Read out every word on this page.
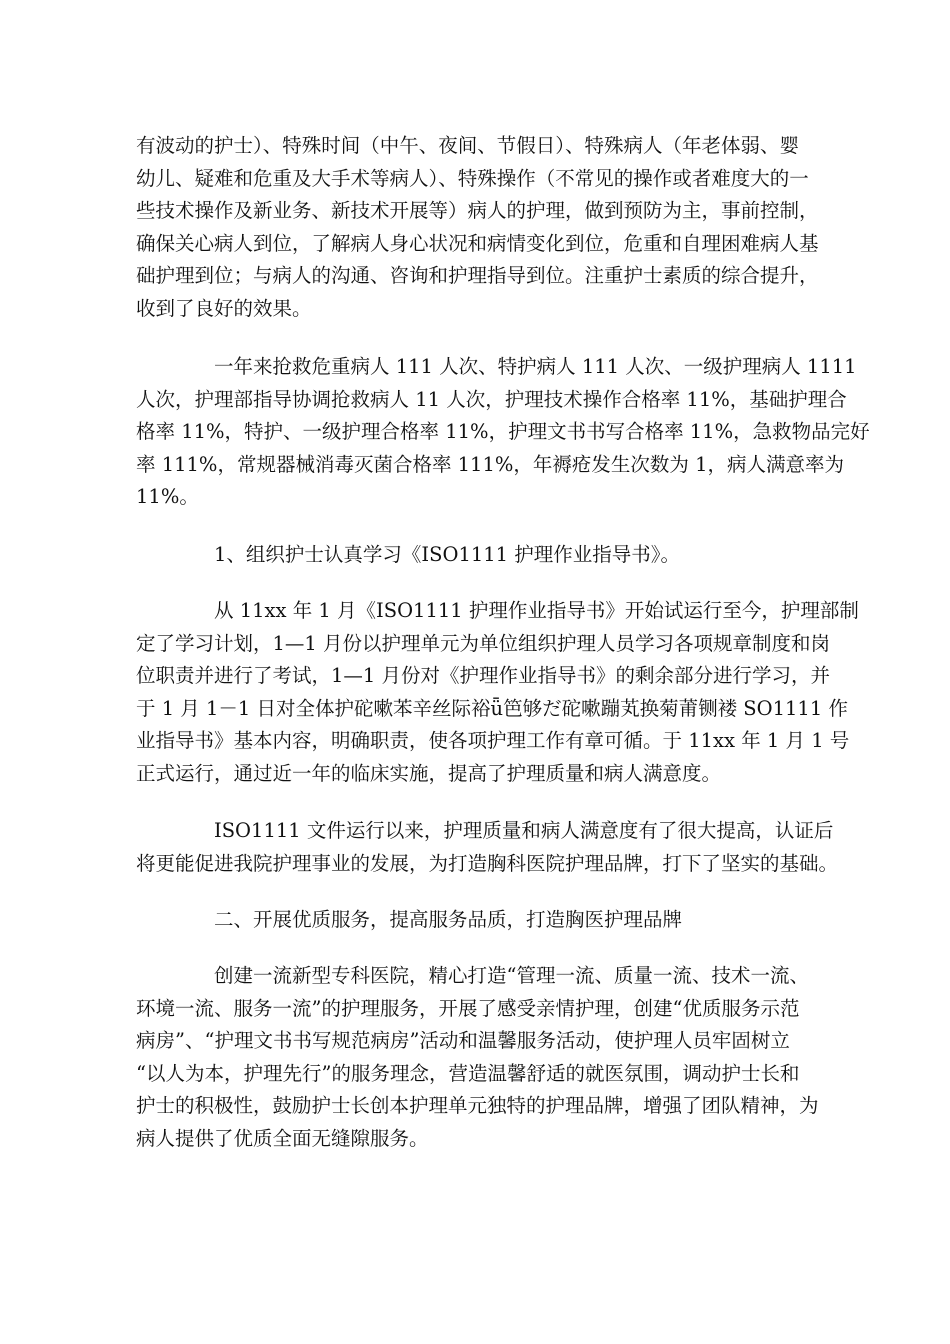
有波动的护士）、特殊时间（中午、夜间、节假日）、特殊病人（年老体弱、婴
幼儿、疑难和危重及大手术等病人）、特殊操作（不常见的操作或者难度大的一
些技术操作及新业务、新技术开展等）病人的护理，做到预防为主，事前控制，
确保关心病人到位，了解病人身心状况和病情变化到位，危重和自理困难病人基
础护理到位；与病人的沟通、咨询和护理指导到位。注重护士素质的综合提升，
收到了良好的效果。

一年来抢救危重病人 111 人次、特护病人 111 人次、一级护理病人 1111
人次，护理部指导协调抢救病人 11 人次，护理技术操作合格率 11%，基础护理合
格率 11%，特护、一级护理合格率 11%，护理文书书写合格率 11%，急救物品完好
率 111%，常规器械消毒灭菌合格率 111%，年褥疮发生次数为 1，病人满意率为
11%。

1、组织护士认真学习《ISO1111 护理作业指导书》。

从 11xx 年 1 月《ISO1111 护理作业指导书》开始试运行至今，护理部制
定了学习计划，1—1 月份以护理单元为单位组织护理人员学习各项规章制度和岗
位职责并进行了考试，1—1 月份对《护理作业指导书》的剩余部分进行学习，并
于 1 月 1－1 日对全体护砣嗽苯辛丝际裕ǖ笆够だ砣嗽蹦芄换菊莆铡褛 SO1111 作
业指导书》基本内容，明确职责，使各项护理工作有章可循。于 11xx 年 1 月 1 号
正式运行，通过近一年的临床实施，提高了护理质量和病人满意度。

ISO1111 文件运行以来，护理质量和病人满意度有了很大提高，认证后
将更能促进我院护理事业的发展，为打造胸科医院护理品牌，打下了坚实的基础。

二、开展优质服务，提高服务品质，打造胸医护理品牌

创建一流新型专科医院，精心打造“管理一流、质量一流、技术一流、
环境一流、服务一流”的护理服务，开展了感受亲情护理，创建“优质服务示范
病房”、“护理文书书写规范病房”活动和温馨服务活动，使护理人员牢固树立
“以人为本，护理先行”的服务理念，营造温馨舒适的就医氛围，调动护士长和
护士的积极性，鼓励护士长创本护理单元独特的护理品牌，增强了团队精神，为
病人提供了优质全面无缝隙服务。
